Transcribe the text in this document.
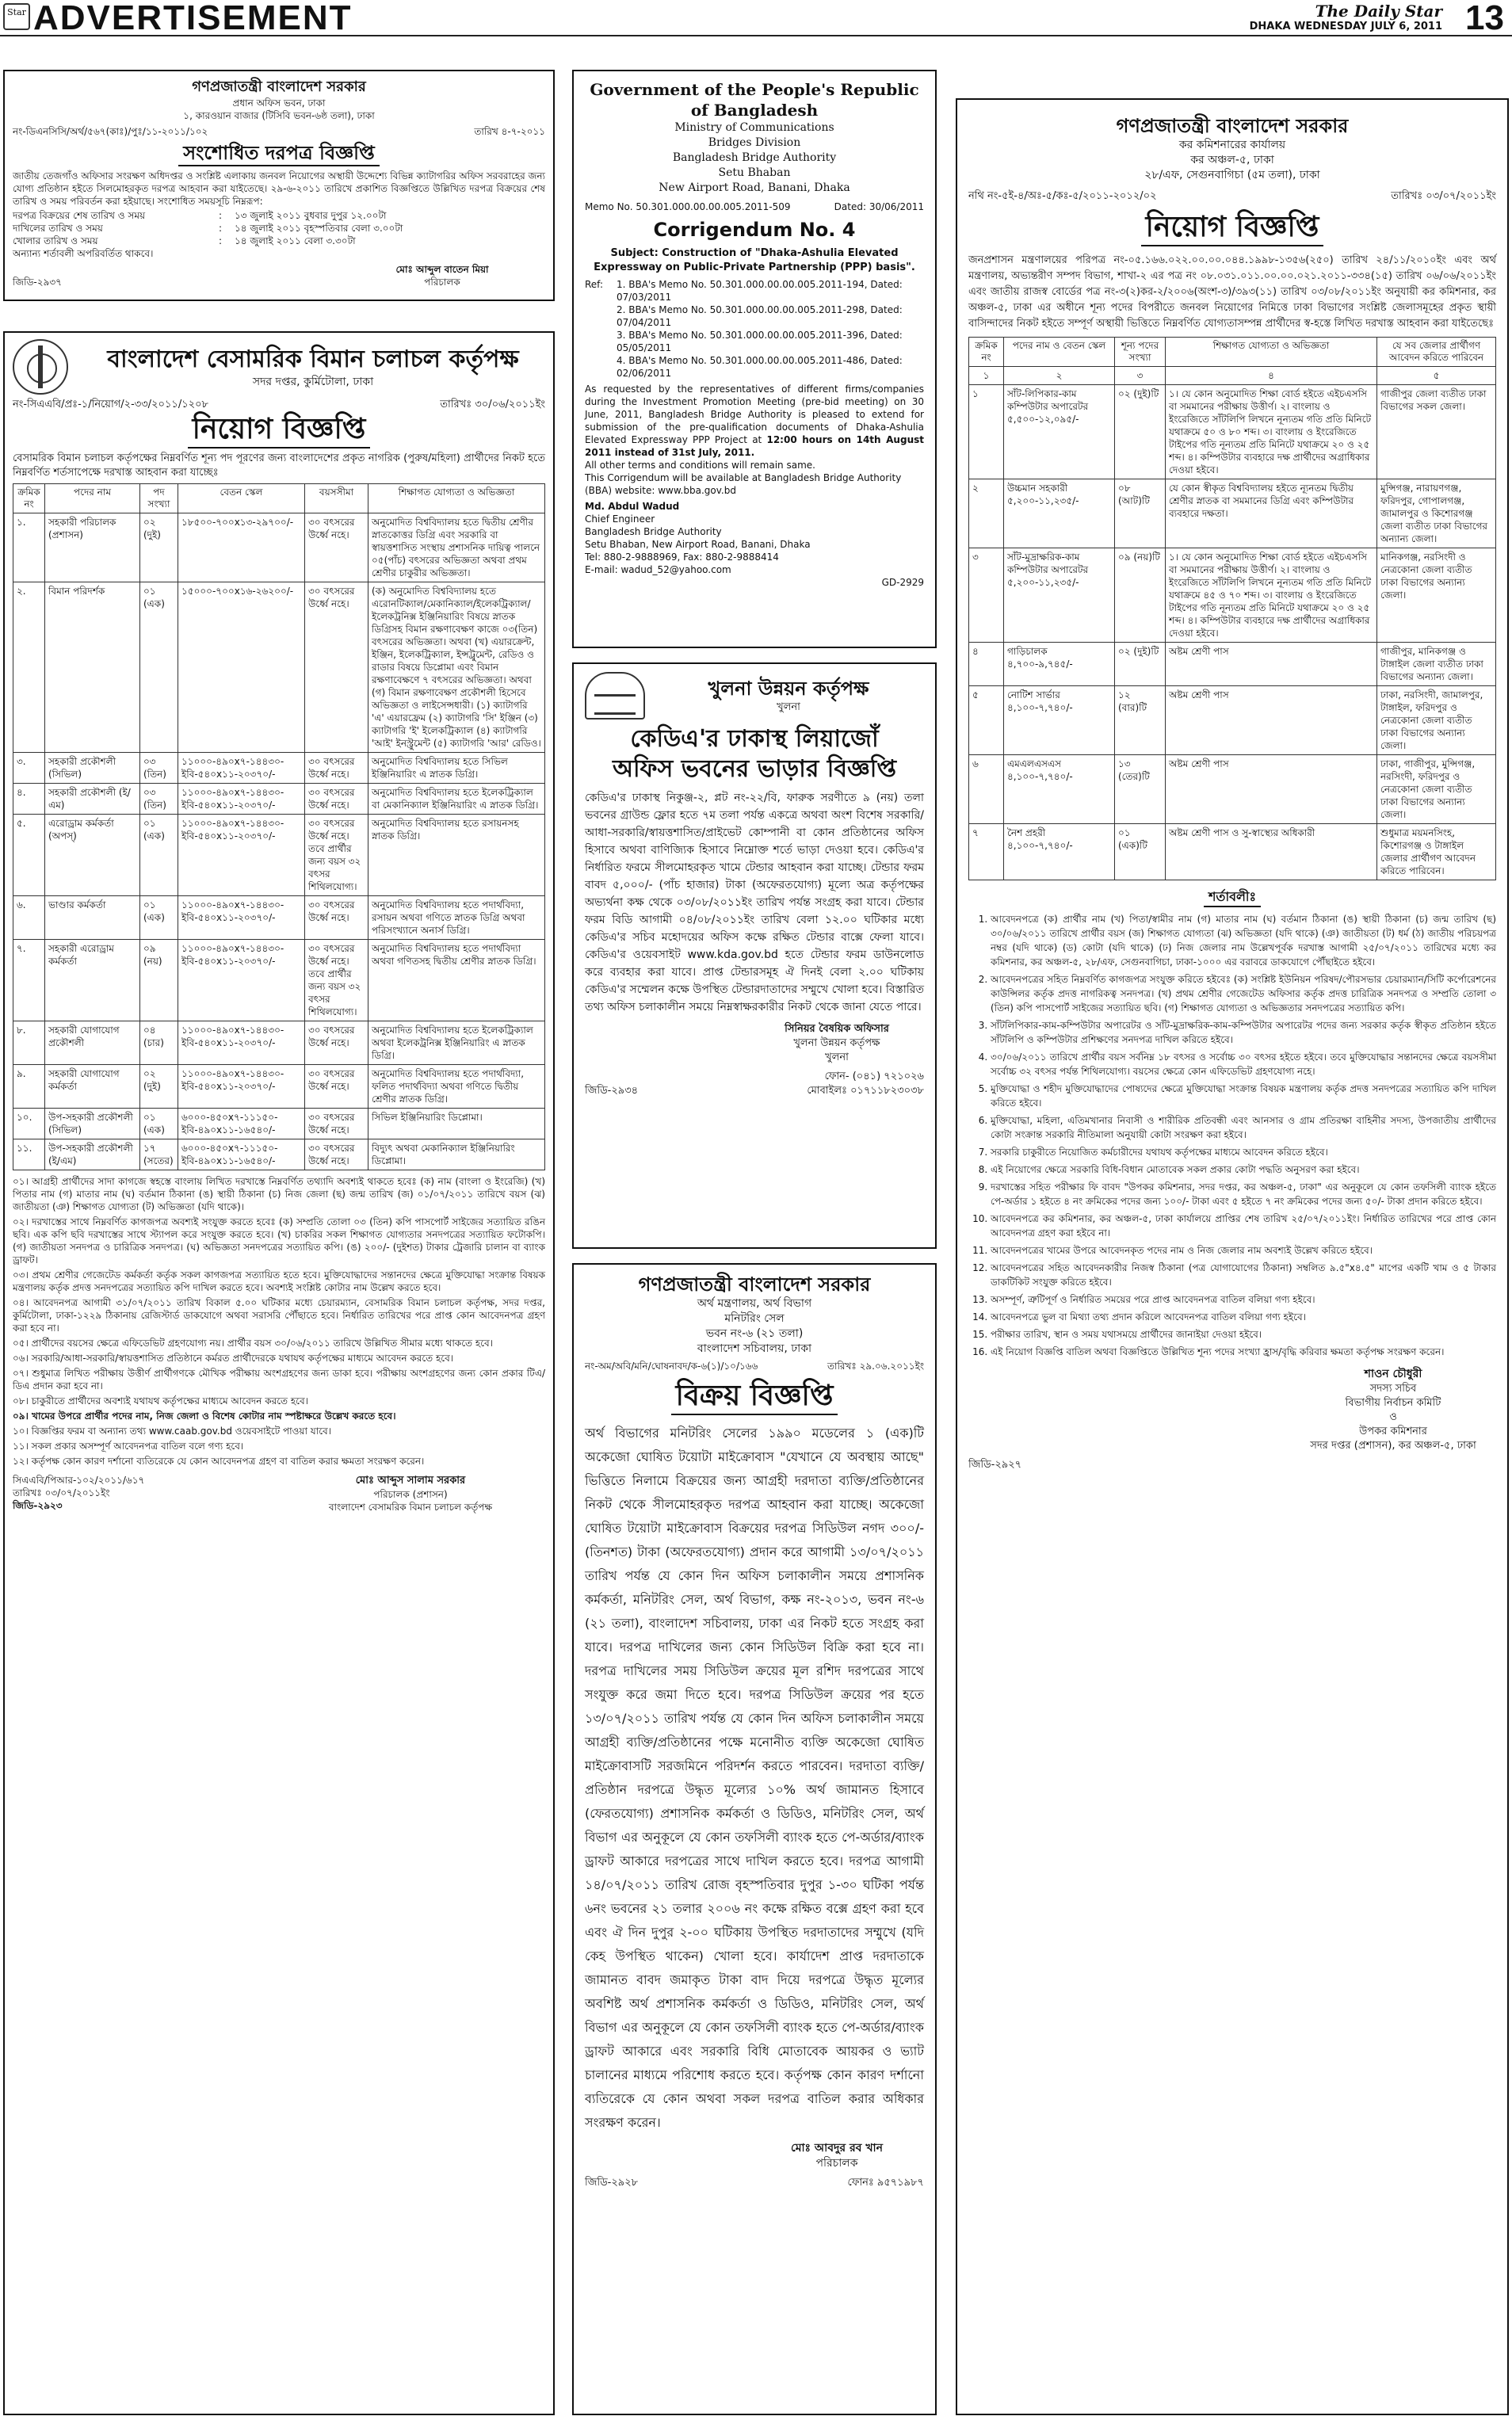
Star ADVERTISEMENT	The Daily Star
DHAKA WEDNESDAY JULY 6, 2011 13
গণপ্রজাতন্ত্রী বাংলাদেশ সরকার
প্রধান অফিস ভবন, ঢাকা
১, কারওয়ান বাজার (টিসিবি ভবন-৬ষ্ঠ তলা), ঢাকা
নং-ডিএনসিসি/অর্থ/৫৬৭(কাঃ)/পুঃ/১১-২০১১/১০২	তারিখ ৪-৭-২০১১
সংশোধিত দরপত্র বিজ্ঞপ্তি
জাতীয় তেজগাঁও অফিসার সংরক্ষণ অধিদপ্তর ও সংশ্লিষ্ট এলাকায় জনবল নিয়োগের অস্থায়ী উদ্দেশ্যে বিভিন্ন ক্যাটাগরির অফিস সরবরাহের জন্য যোগ্য প্রতিষ্ঠান হইতে সিলমোহরকৃত দরপত্র আহবান করা যাইতেছে। ২৯-৬-২০১১ তারিখে প্রকাশিত বিজ্ঞপ্তিতে উল্লিখিত দরপত্র বিক্রয়ের শেষ তারিখ ও সময় পরিবর্তন করা হইয়াছে। সংশোধিত সময়সূচি নিম্নরূপ:
দরপত্র বিক্রয়ের শেষ তারিখ ও সময়	:	১৩ জুলাই ২০১১ বুধবার দুপুর ১২.০০টা
দাখিলের তারিখ ও সময়	:	১৪ জুলাই ২০১১ বৃহস্পতিবার বেলা ৩.০০টা
খোলার তারিখ ও সময়	:	১৪ জুলাই ২০১১ বেলা ৩.৩০টা
অন্যান্য শর্তাবলী অপরিবর্তিত থাকবে।
জিডি-২৯৩৭
মোঃ আব্দুল বাতেন মিয়া
পরিচালক
বাংলাদেশ বেসামরিক বিমান চলাচল কর্তৃপক্ষ
সদর দপ্তর, কুর্মিটোলা, ঢাকা
নং-সিএএবি/প্রঃ-১/নিয়োগ/২-৩৩/২০১১/১২০৮	তারিখঃ ৩০/০৬/২০১১ইং
নিয়োগ বিজ্ঞপ্তি
বেসামরিক বিমান চলাচল কর্তৃপক্ষের নিম্নবর্ণিত শূন্য পদ পূরণের জন্য বাংলাদেশের প্রকৃত নাগরিক (পুরুষ/মহিলা) প্রার্থীদের নিকট হতে নিম্নবর্ণিত শর্তসাপেক্ষে দরখাস্ত আহবান করা যাচ্ছেঃ
ক্রমিক নং	পদের নাম	পদ সংখ্যা	বেতন স্কেল	বয়সসীমা	শিক্ষাগত যোগ্যতা ও অভিজ্ঞতা
১.	সহকারী পরিচালক (প্রশাসন)	০২ (দুই)	১৮৫০০-৭০০x১৩-২৯৭০০/-	৩০ বৎসরের উর্ধ্বে নহে।	অনুমোদিত বিশ্ববিদ্যালয় হতে দ্বিতীয় শ্রেণীর স্নাতকোত্তর ডিগ্রি এবং সরকারি বা স্বায়ত্তশাসিত সংস্থায় প্রশাসনিক দায়িত্ব পালনে ০৫(পাঁচ) বৎসরের অভিজ্ঞতা অথবা প্রথম শ্রেণীর চাকুরীর অভিজ্ঞতা।
২.	বিমান পরিদর্শক	০১ (এক)	১৫০০০-৭০০x১৬-২৬২০০/-	৩০ বৎসরের উর্ধ্বে নহে।	(ক) অনুমোদিত বিশ্ববিদ্যালয় হতে এরোনটিক্যাল/মেকানিক্যাল/ইলেকট্রিক্যাল/ইলেকট্রনিক্স ইঞ্জিনিয়ারিং বিষয়ে স্নাতক ডিগ্রিসহ বিমান রক্ষণাবেক্ষণ কাজে ০৩(তিন) বৎসরের অভিজ্ঞতা। অথবা (খ) এয়ারক্রেন্ট, ইঞ্জিন, ইলেকট্রিক্যাল, ইন্সট্রুমেন্ট, রেডিও ও রাডার বিষয়ে ডিপ্লোমা এবং বিমান রক্ষণাবেক্ষণে ৭ বৎসরের অভিজ্ঞতা। অথবা (গ) বিমান রক্ষণাবেক্ষণ প্রকৌশলী হিসেবে অভিজ্ঞতা ও লাইসেন্সধারী। (১) ক্যাটাগরি 'এ' এয়ারফ্রেম (২) ক্যাটাগরি 'সি' ইঞ্জিন (৩) ক্যাটাগরি 'ই' ইলেকট্রিক্যাল (৪) ক্যাটাগরি 'আই' ইনস্ট্রুমেন্ট (৫) ক্যাটাগরি 'আর' রেডিও।
৩.	সহকারী প্রকৌশলী (সিভিল)	০৩ (তিন)	১১০০০-৪৯০x৭-১৪৪৩০-ইবি-৫৪০x১১-২০৩৭০/-	৩০ বৎসরের উর্ধ্বে নহে।	অনুমোদিত বিশ্ববিদ্যালয় হতে সিভিল ইঞ্জিনিয়ারিং এ স্নাতক ডিগ্রি।
৪.	সহকারী প্রকৌশলী (ই/এম)	০৩ (তিন)	১১০০০-৪৯০x৭-১৪৪৩০-ইবি-৫৪০x১১-২০৩৭০/-	৩০ বৎসরের উর্ধ্বে নহে।	অনুমোদিত বিশ্ববিদ্যালয় হতে ইলেকট্রিক্যাল বা মেকানিক্যাল ইঞ্জিনিয়ারিং এ স্নাতক ডিগ্রি।
৫.	এরোড্রাম কর্মকর্তা (অপস্)	০১ (এক)	১১০০০-৪৯০x৭-১৪৪৩০-ইবি-৫৪০x১১-২০৩৭০/-	৩০ বৎসরের উর্ধ্বে নহে। তবে প্রার্থীর জন্য বয়স ৩২ বৎসর শিথিলযোগ্য।	অনুমোদিত বিশ্ববিদ্যালয় হতে রসায়নসহ স্নাতক ডিগ্রি।
৬.	ভাণ্ডার কর্মকর্তা	০১ (এক)	১১০০০-৪৯০x৭-১৪৪৩০-ইবি-৫৪০x১১-২০৩৭০/-	৩০ বৎসরের উর্ধ্বে নহে।	অনুমোদিত বিশ্ববিদ্যালয় হতে পদার্থবিদ্যা, রসায়ন অথবা গণিতে স্নাতক ডিগ্রি অথবা পরিসংখ্যানে অনার্স ডিগ্রি।
৭.	সহকারী এরোড্রাম কর্মকর্তা	০৯ (নয়)	১১০০০-৪৯০x৭-১৪৪৩০-ইবি-৫৪০x১১-২০৩৭০/-	৩০ বৎসরের উর্ধ্বে নহে। তবে প্রার্থীর জন্য বয়স ৩২ বৎসর শিথিলযোগ্য।	অনুমোদিত বিশ্ববিদ্যালয় হতে পদার্থবিদ্যা অথবা গণিতসহ দ্বিতীয় শ্রেণীর স্নাতক ডিগ্রি।
৮.	সহকারী যোগাযোগ প্রকৌশলী	০৪ (চার)	১১০০০-৪৯০x৭-১৪৪৩০-ইবি-৫৪০x১১-২০৩৭০/-	৩০ বৎসরের উর্ধ্বে নহে।	অনুমোদিত বিশ্ববিদ্যালয় হতে ইলেকট্রিক্যাল অথবা ইলেকট্রনিক্স ইঞ্জিনিয়ারিং এ স্নাতক ডিগ্রি।
৯.	সহকারী যোগাযোগ কর্মকর্তা	০২ (দুই)	১১০০০-৪৯০x৭-১৪৪৩০-ইবি-৫৪০x১১-২০৩৭০/-	৩০ বৎসরের উর্ধ্বে নহে।	অনুমোদিত বিশ্ববিদ্যালয় হতে পদার্থবিদ্যা, ফলিত পদার্থবিদ্যা অথবা গণিতে দ্বিতীয় শ্রেণীর স্নাতক ডিগ্রি।
১০.	উপ-সহকারী প্রকৌশলী (সিভিল)	০১ (এক)	৬০০০-৪৫০x৭-১১১৫০-ইবি-৪৯০x১১-১৬৫৪০/-	৩০ বৎসরের উর্ধ্বে নহে।	সিভিল ইঞ্জিনিয়ারিং ডিপ্লোমা।
১১.	উপ-সহকারী প্রকৌশলী (ই/এম)	১৭ (সতের)	৬০০০-৪৫০x৭-১১১৫০-ইবি-৪৯০x১১-১৬৫৪০/-	৩০ বৎসরের উর্ধ্বে নহে।	বিদ্যুৎ অথবা মেকানিক্যাল ইঞ্জিনিয়ারিং ডিপ্লোমা।
০১। আগ্রহী প্রার্থীদের সাদা কাগজে স্বহস্তে বাংলায় লিখিত দরখাস্তে নিম্নবর্ণিত তথ্যাদি অবশ্যই থাকতে হবেঃ (ক) নাম (বাংলা ও ইংরেজি) (খ) পিতার নাম (গ) মাতার নাম (ঘ) বর্তমান ঠিকানা (ঙ) স্থায়ী ঠিকানা (চ) নিজ জেলা (ছ) জন্ম তারিখ (জ) ০১/০৭/২০১১ তারিখে বয়স (ঝ) জাতীয়তা (ঞ) শিক্ষাগত যোগ্যতা (ট) অভিজ্ঞতা (যদি থাকে)।
০২। দরখাস্তের সাথে নিম্নবর্ণিত কাগজপত্র অবশ্যই সংযুক্ত করতে হবেঃ (ক) সম্প্রতি তোলা ০৩ (তিন) কপি পাসপোর্ট সাইজের সত্যায়িত রঙিন ছবি। এক কপি ছবি দরখাস্তের সাথে স্ট্যাপল করে সংযুক্ত করতে হবে। (খ) চাকরির সকল শিক্ষাগত যোগ্যতার সনদপত্রের সত্যায়িত ফটোকপি। (গ) জাতীয়তা সনদপত্র ও চারিত্রিক সনদপত্র। (ঘ) অভিজ্ঞতা সনদপত্রের সত্যায়িত কপি। (ঙ) ২০০/- (দুইশত) টাকার ট্রেজারি চালান বা ব্যাংক ড্রাফট।
০৩। প্রথম শ্রেণীর গেজেটেড কর্মকর্তা কর্তৃক সকল কাগজপত্র সত্যায়িত হতে হবে। মুক্তিযোদ্ধাদের সন্তানদের ক্ষেত্রে মুক্তিযোদ্ধা সংক্রান্ত বিষয়ক মন্ত্রণালয় কর্তৃক প্রদত্ত সনদপত্রের সত্যায়িত কপি দাখিল করতে হবে। অবশ্যই সংশ্লিষ্ট কোটার নাম উল্লেখ করতে হবে।
০৪। আবেদনপত্র আগামী ৩১/০৭/২০১১ তারিখ বিকাল ৫.০০ ঘটিকার মধ্যে চেয়ারম্যান, বেসামরিক বিমান চলাচল কর্তৃপক্ষ, সদর দপ্তর, কুর্মিটোলা, ঢাকা-১২২৯ ঠিকানায় রেজিস্টার্ড ডাকযোগে অথবা সরাসরি পৌঁছাতে হবে। নির্ধারিত তারিখের পরে প্রাপ্ত কোন আবেদনপত্র গ্রহণ করা হবে না।
০৫। প্রার্থীদের বয়সের ক্ষেত্রে এফিডেভিট গ্রহণযোগ্য নয়। প্রার্থীর বয়স ৩০/০৬/২০১১ তারিখে উল্লিখিত সীমার মধ্যে থাকতে হবে।
০৬। সরকারি/আধা-সরকারি/স্বায়ত্তশাসিত প্রতিষ্ঠানে কর্মরত প্রার্থীদেরকে যথাযথ কর্তৃপক্ষের মাধ্যমে আবেদন করতে হবে।
০৭। শুধুমাত্র লিখিত পরীক্ষায় উত্তীর্ণ প্রার্থীগণকে মৌখিক পরীক্ষায় অংশগ্রহণের জন্য ডাকা হবে। পরীক্ষায় অংশগ্রহণের জন্য কোন প্রকার টিএ/ডিএ প্রদান করা হবে না।
০৮। চাকুরীতে প্রার্থীদের অবশ্যই যথাযথ কর্তৃপক্ষের মাধ্যমে আবেদন করতে হবে।
০৯। খামের উপরে প্রার্থীর পদের নাম, নিজ জেলা ও বিশেষ কোটার নাম স্পষ্টাক্ষরে উল্লেখ করতে হবে।
১০। বিজ্ঞপ্তির ফরম বা অন্যান্য তথ্য www.caab.gov.bd ওয়েবসাইটে পাওয়া যাবে।
১১। সকল প্রকার অসম্পূর্ণ আবেদনপত্র বাতিল বলে গণ্য হবে।
১২। কর্তৃপক্ষ কোন কারণ দর্শানো ব্যতিরেকে যে কোন আবেদনপত্র গ্রহণ বা বাতিল করার ক্ষমতা সংরক্ষণ করেন।
সিএএবি/পিআর-১০২/২০১১/৬১৭
তারিখঃ ০৩/০৭/২০১১ইং
জিডি-২৯২৩
মোঃ আব্দুস সালাম সরকার
পরিচালক (প্রশাসন)
বাংলাদেশ বেসামরিক বিমান চলাচল কর্তৃপক্ষ
Government of the People's Republic of Bangladesh
Ministry of Communications
Bridges Division
Bangladesh Bridge Authority
Setu Bhaban
New Airport Road, Banani, Dhaka
Memo No. 50.301.000.00.00.005.2011-509	Dated: 30/06/2011
Corrigendum No. 4
Subject: Construction of "Dhaka-Ashulia Elevated Expressway on Public-Private Partnership (PPP) basis".
Ref:	1. BBA's Memo No. 50.301.000.00.00.005.2011-194, Dated: 07/03/2011
2. BBA's Memo No. 50.301.000.00.00.005.2011-298, Dated: 07/04/2011
3. BBA's Memo No. 50.301.000.00.00.005.2011-396, Dated: 05/05/2011
4. BBA's Memo No. 50.301.000.00.00.005.2011-486, Dated: 02/06/2011
As requested by the representatives of different firms/companies during the Investment Promotion Meeting (pre-bid meeting) on 30 June, 2011, Bangladesh Bridge Authority is pleased to extend for submission of the pre-qualification documents of Dhaka-Ashulia Elevated Expressway PPP Project at 12:00 hours on 14th August 2011 instead of 31st July, 2011.
All other terms and conditions will remain same.
This Corrigendum will be available at Bangladesh Bridge Authority (BBA) website: www.bba.gov.bd
Md. Abdul Wadud
Chief Engineer
Bangladesh Bridge Authority
Setu Bhaban, New Airport Road, Banani, Dhaka
Tel: 880-2-9888969, Fax: 880-2-9888414
E-mail: wadud_52@yahoo.com
GD-2929
খুলনা উন্নয়ন কর্তৃপক্ষ
খুলনা
কেডিএ'র ঢাকাস্থ লিয়াজোঁ
অফিস ভবনের ভাড়ার বিজ্ঞপ্তি
কেডিএ'র ঢাকাস্থ নিকুঞ্জ-২, প্লট নং-২২/বি, ফারুক সরণীতে ৯ (নয়) তলা ভবনের গ্রাউন্ড ফ্লোর হতে ৭ম তলা পর্যন্ত একত্রে অথবা অংশ বিশেষ সরকারি/আধা-সরকারি/স্বায়ত্তশাসিত/প্রাইভেট কোম্পানী বা কোন প্রতিষ্ঠানের অফিস হিসাবে অথবা বাণিজ্যিক হিসাবে নিম্নোক্ত শর্তে ভাড়া দেওয়া হবে। কেডিএ'র নির্ধারিত ফরমে সীলমোহরকৃত খামে টেন্ডার আহবান করা যাচ্ছে। টেন্ডার ফরম বাবদ ৫,০০০/- (পাঁচ হাজার) টাকা (অফেরতযোগ্য) মূল্যে অত্র কর্তৃপক্ষের অভ্যর্থনা কক্ষ থেকে ০৩/০৮/২০১১ইং তারিখ পর্যন্ত সংগ্রহ করা যাবে। টেন্ডার ফরম বিডি আগামী ০৪/০৮/২০১১ইং তারিখ বেলা ১২.০০ ঘটিকার মধ্যে কেডিএ'র সচিব মহোদয়ের অফিস কক্ষে রক্ষিত টেন্ডার বাক্সে ফেলা যাবে। কেডিএ'র ওয়েবসাইট www.kda.gov.bd হতে টেন্ডার ফরম ডাউনলোড করে ব্যবহার করা যাবে। প্রাপ্ত টেন্ডারসমূহ ঐ দিনই বেলা ২.০০ ঘটিকায় কেডিএ'র সম্মেলন কক্ষে উপস্থিত টেন্ডারদাতাদের সম্মুখে খোলা হবে। বিস্তারিত তথ্য অফিস চলাকালীন সময়ে নিম্নস্বাক্ষরকারীর নিকট থেকে জানা যেতে পারে।
সিনিয়র বৈষয়িক অফিসার
খুলনা উন্নয়ন কর্তৃপক্ষ
খুলনা
জিডি-২৯৩৪
ফোন- (০৪১) ৭২১০২৬
মোবাইলঃ ০১৭১১৮২৩০৩৮
গণপ্রজাতন্ত্রী বাংলাদেশ সরকার
অর্থ মন্ত্রণালয়, অর্থ বিভাগ
মনিটরিং সেল
ভবন নং-৬ (২১ তলা)
বাংলাদেশ সচিবালয়, ঢাকা
নং-অম/অবি/মনি/ঘোষনাবদ/ক-৬(১)/১০/১৬৬	তারিখঃ ২৯.০৬.২০১১ইং
বিক্রয় বিজ্ঞপ্তি
অর্থ বিভাগের মনিটরিং সেলের ১৯৯০ মডেলের ১ (এক)টি অকেজো ঘোষিত টয়োটা মাইক্রোবাস "যেখানে যে অবস্থায় আছে" ভিত্তিতে নিলামে বিক্রয়ের জন্য আগ্রহী দরদাতা ব্যক্তি/প্রতিষ্ঠানের নিকট থেকে সীলমোহরকৃত দরপত্র আহবান করা যাচ্ছে। অকেজো ঘোষিত টয়োটা মাইক্রোবাস বিক্রয়ের দরপত্র সিডিউল নগদ ৩০০/- (তিনশত) টাকা (অফেরতযোগ্য) প্রদান করে আগামী ১৩/০৭/২০১১ তারিখ পর্যন্ত যে কোন দিন অফিস চলাকালীন সময়ে প্রশাসনিক কর্মকর্তা, মনিটরিং সেল, অর্থ বিভাগ, কক্ষ নং-২০১৩, ভবন নং-৬ (২১ তলা), বাংলাদেশ সচিবালয়, ঢাকা এর নিকট হতে সংগ্রহ করা যাবে। দরপত্র দাখিলের জন্য কোন সিডিউল বিক্রি করা হবে না। দরপত্র দাখিলের সময় সিডিউল ক্রয়ের মূল রশিদ দরপত্রের সাথে সংযুক্ত করে জমা দিতে হবে। দরপত্র সিডিউল ক্রয়ের পর হতে ১৩/০৭/২০১১ তারিখ পর্যন্ত যে কোন দিন অফিস চলাকালীন সময়ে আগ্রহী ব্যক্তি/প্রতিষ্ঠানের পক্ষে মনোনীত ব্যক্তি অকেজো ঘোষিত মাইক্রোবাসটি সরজমিনে পরিদর্শন করতে পারবেন। দরদাতা ব্যক্তি/প্রতিষ্ঠান দরপত্রে উদ্ধৃত মূল্যের ১০% অর্থ জামানত হিসাবে (ফেরতযোগ্য) প্রশাসনিক কর্মকর্তা ও ডিডিও, মনিটরিং সেল, অর্থ বিভাগ এর অনুকূলে যে কোন তফসিলী ব্যাংক হতে পে-অর্ডার/ব্যাংক ড্রাফট আকারে দরপত্রের সাথে দাখিল করতে হবে। দরপত্র আগামী ১৪/০৭/২০১১ তারিখ রোজ বৃহস্পতিবার দুপুর ১-৩০ ঘটিকা পর্যন্ত ৬নং ভবনের ২১ তলার ২০০৬ নং কক্ষে রক্ষিত বক্সে গ্রহণ করা হবে এবং ঐ দিন দুপুর ২-০০ ঘটিকায় উপস্থিত দরদাতাদের সম্মুখে (যদি কেহ উপস্থিত থাকেন) খোলা হবে। কার্যাদেশ প্রাপ্ত দরদাতাকে জামানত বাবদ জমাকৃত টাকা বাদ দিয়ে দরপত্রে উদ্ধৃত মূল্যের অবশিষ্ট অর্থ প্রশাসনিক কর্মকর্তা ও ডিডিও, মনিটরিং সেল, অর্থ বিভাগ এর অনুকূলে যে কোন তফসিলী ব্যাংক হতে পে-অর্ডার/ব্যাংক ড্রাফট আকারে এবং সরকারি বিধি মোতাবেক আয়কর ও ভ্যাট চালানের মাধ্যমে পরিশোধ করতে হবে। কর্তৃপক্ষ কোন কারণ দর্শানো ব্যতিরেকে যে কোন অথবা সকল দরপত্র বাতিল করার অধিকার সংরক্ষণ করেন।
মোঃ আবদুর রব খান
পরিচালক
জিডি-২৯২৮	ফোনঃ ৯৫৭১৯৮৭
গণপ্রজাতন্ত্রী বাংলাদেশ সরকার
কর কমিশনারের কার্যালয়
কর অঞ্চল-৫, ঢাকা
২৮/এফ, সেগুনবাগিচা (৫ম তলা), ঢাকা
নথি নং-৫ই-৪/অঃ-৫/কঃ-৫/২০১১-২০১২/০২	তারিখঃ ০৩/০৭/২০১১ইং
নিয়োগ বিজ্ঞপ্তি
জনপ্রশাসন মন্ত্রণালয়ের পরিপত্র নং-০৫.১৬৬.০২২.০০.০০.০৪৪.১৯৯৮-১৩৫৬(২৫০) তারিখ ২৪/১১/২০১০ইং এবং অর্থ মন্ত্রণালয়, অভ্যন্তরীণ সম্পদ বিভাগ, শাখা-২ এর পত্র নং ০৮.০৩১.০১১.০০.০০.০২১.২০১১-৩৩৪(১৫) তারিখ ০৬/০৬/২০১১ইং এবং জাতীয় রাজস্ব বোর্ডের পত্র নং-৩(২)কর-২/২০০৬(অংশ-৩)/৩৯৩(১১) তারিখ ০৩/০৮/২০১১ইং অনুযায়ী কর কমিশনার, কর অঞ্চল-৫, ঢাকা এর অধীনে শূন্য পদের বিপরীতে জনবল নিয়োগের নিমিত্তে ঢাকা বিভাগের সংশ্লিষ্ট জেলাসমূহের প্রকৃত স্থায়ী বাসিন্দাদের নিকট হইতে সম্পূর্ণ অস্থায়ী ভিত্তিতে নিম্নবর্ণিত যোগ্যতাসম্পন্ন প্রার্থীদের স্ব-হস্তে লিখিত দরখাস্ত আহবান করা যাইতেছেঃ
ক্রমিক নং	পদের নাম ও বেতন স্কেল	শূন্য পদের সংখ্যা	শিক্ষাগত যোগ্যতা ও অভিজ্ঞতা	যে সব জেলার প্রার্থীগণ আবেদন করিতে পারিবেন
১	২	৩	৪	৫
১	সাঁট-লিপিকার-কাম কম্পিউটার অপারেটর ৫,৫০০-১২,০৯৫/-	০২ (দুই)টি	১। যে কোন অনুমোদিত শিক্ষা বোর্ড হইতে এইচএসসি বা সমমানের পরীক্ষায় উত্তীর্ণ। ২। বাংলায় ও ইংরেজিতে সাঁটলিপি লিখনে নূন্যতম গতি প্রতি মিনিটে যথাক্রমে ৫০ ও ৮০ শব্দ। ৩। বাংলায় ও ইংরেজিতে টাইপের গতি নূন্যতম প্রতি মিনিটে যথাক্রমে ২০ ও ২৫ শব্দ। ৪। কম্পিউটার ব্যবহারে দক্ষ প্রার্থীদের অগ্রাধিকার দেওয়া হইবে।	গাজীপুর জেলা ব্যতীত ঢাকা বিভাগের সকল জেলা।
২	উচ্চমান সহকারী ৫,২০০-১১,২৩৫/-	০৮ (আট)টি	যে কোন স্বীকৃত বিশ্ববিদ্যালয় হইতে ন্যূনতম দ্বিতীয় শ্রেণীর স্নাতক বা সমমানের ডিগ্রি এবং কম্পিউটার ব্যবহারে দক্ষতা।	মুন্সিগঞ্জ, নারায়ণগঞ্জ, ফরিদপুর, গোপালগঞ্জ, জামালপুর ও কিশোরগঞ্জ জেলা ব্যতীত ঢাকা বিভাগের অন্যান্য জেলা।
৩	সাঁট-মুদ্রাক্ষরিক-কাম কম্পিউটার অপারেটর ৫,২০০-১১,২৩৫/-	০৯ (নয়)টি	১। যে কোন অনুমোদিত শিক্ষা বোর্ড হইতে এইচএসসি বা সমমানের পরীক্ষায় উত্তীর্ণ। ২। বাংলায় ও ইংরেজিতে সাঁটলিপি লিখনে নূন্যতম গতি প্রতি মিনিটে যথাক্রমে ৪৫ ও ৭০ শব্দ। ৩। বাংলায় ও ইংরেজিতে টাইপের গতি নূন্যতম প্রতি মিনিটে যথাক্রমে ২০ ও ২৫ শব্দ। ৪। কম্পিউটার ব্যবহারে দক্ষ প্রার্থীদের অগ্রাধিকার দেওয়া হইবে।	মানিকগঞ্জ, নরসিংদী ও নেত্রকোনা জেলা ব্যতীত ঢাকা বিভাগের অন্যান্য জেলা।
৪	গাড়িচালক ৪,৭০০-৯,৭৪৫/-	০২ (দুই)টি	অষ্টম শ্রেণী পাস	গাজীপুর, মানিকগঞ্জ ও টাঙ্গাইল জেলা ব্যতীত ঢাকা বিভাগের অন্যান্য জেলা।
৫	নোটিশ সার্ভার ৪,১০০-৭,৭৪০/-	১২ (বার)টি	অষ্টম শ্রেণী পাস	ঢাকা, নরসিংদী, জামালপুর, টাঙ্গাইল, ফরিদপুর ও নেত্রকোনা জেলা ব্যতীত ঢাকা বিভাগের অন্যান্য জেলা।
৬	এমএলএসএস ৪,১০০-৭,৭৪০/-	১৩ (তের)টি	অষ্টম শ্রেণী পাস	ঢাকা, গাজীপুর, মুন্সিগঞ্জ, নরসিংদী, ফরিদপুর ও নেত্রকোনা জেলা ব্যতীত ঢাকা বিভাগের অন্যান্য জেলা।
৭	নৈশ প্রহরী ৪,১০০-৭,৭৪০/-	০১ (এক)টি	অষ্টম শ্রেণী পাস ও সু-স্বাস্থ্যের অধিকারী	শুধুমাত্র ময়মনসিংহ, কিশোরগঞ্জ ও টাঙ্গাইল জেলার প্রার্থীগণ আবেদন করিতে পারিবেন।
শর্তাবলীঃ
1. আবেদনপত্রে (ক) প্রার্থীর নাম (খ) পিতা/স্বামীর নাম (গ) মাতার নাম (ঘ) বর্তমান ঠিকানা (ঙ) স্থায়ী ঠিকানা (চ) জন্ম তারিখ (ছ) ৩০/০৬/২০১১ তারিখে প্রার্থীর বয়স (জ) শিক্ষাগত যোগ্যতা (ঝ) অভিজ্ঞতা (যদি থাকে) (ঞ) জাতীয়তা (ট) ধর্ম (ঠ) জাতীয় পরিচয়পত্র নম্বর (যদি থাকে) (ড) কোটা (যদি থাকে) (ঢ) নিজ জেলার নাম উল্লেখপূর্বক দরখাস্ত আগামী ২৫/০৭/২০১১ তারিখের মধ্যে কর কমিশনার, কর অঞ্চল-৫, ২৮/এফ, সেগুনবাগিচা, ঢাকা-১০০০ এর বরাবরে ডাকযোগে পৌঁছাইতে হইবে।
2. আবেদনপত্রের সহিত নিম্নবর্ণিত কাগজপত্র সংযুক্ত করিতে হইবেঃ (ক) সংশ্লিষ্ট ইউনিয়ন পরিষদ/পৌরসভার চেয়ারম্যান/সিটি কর্পোরেশনের কাউন্সিলর কর্তৃক প্রদত্ত নাগরিকত্ব সনদপত্র। (খ) প্রথম শ্রেণীর গেজেটেড অফিসার কর্তৃক প্রদত্ত চারিত্রিক সনদপত্র ও সম্প্রতি তোলা ৩ (তিন) কপি পাসপোর্ট সাইজের সত্যায়িত ছবি। (গ) শিক্ষাগত যোগ্যতা ও অভিজ্ঞতার সনদপত্রের সত্যায়িত কপি।
3. সাঁটলিপিকার-কাম-কম্পিউটার অপারেটর ও সাঁট-মুদ্রাক্ষরিক-কাম-কম্পিউটার অপারেটর পদের জন্য সরকার কর্তৃক স্বীকৃত প্রতিষ্ঠান হইতে সাঁটলিপি ও কম্পিউটার প্রশিক্ষণের সনদপত্র দাখিল করিতে হইবে।
4. ৩০/০৬/২০১১ তারিখে প্রার্থীর বয়স সর্বনিম্ন ১৮ বৎসর ও সর্বোচ্চ ৩০ বৎসর হইতে হইবে। তবে মুক্তিযোদ্ধার সন্তানদের ক্ষেত্রে বয়সসীমা সর্বোচ্চ ৩২ বৎসর পর্যন্ত শিথিলযোগ্য। বয়সের ক্ষেত্রে কোন এফিডেভিট গ্রহণযোগ্য নহে।
5. মুক্তিযোদ্ধা ও শহীদ মুক্তিযোদ্ধাদের পোষ্যদের ক্ষেত্রে মুক্তিযোদ্ধা সংক্রান্ত বিষয়ক মন্ত্রণালয় কর্তৃক প্রদত্ত সনদপত্রের সত্যায়িত কপি দাখিল করিতে হইবে।
6. মুক্তিযোদ্ধা, মহিলা, এতিমখানার নিবাসী ও শারীরিক প্রতিবন্ধী এবং আনসার ও গ্রাম প্রতিরক্ষা বাহিনীর সদস্য, উপজাতীয় প্রার্থীদের কোটা সংক্রান্ত সরকারি নীতিমালা অনুযায়ী কোটা সংরক্ষণ করা হইবে।
7. সরকারি চাকুরীতে নিয়োজিত কর্মচারীদের যথাযথ কর্তৃপক্ষের মাধ্যমে আবেদন করিতে হইবে।
8. এই নিয়োগের ক্ষেত্রে সরকারি বিধি-বিধান মোতাবেক সকল প্রকার কোটা পদ্ধতি অনুসরণ করা হইবে।
9. দরখাস্তের সহিত পরীক্ষার ফি বাবদ "উপকর কমিশনার, সদর দপ্তর, কর অঞ্চল-৫, ঢাকা" এর অনুকূলে যে কোন তফসিলী ব্যাংক হইতে পে-অর্ডার ১ হইতে ৪ নং ক্রমিকের পদের জন্য ১০০/- টাকা এবং ৫ হইতে ৭ নং ক্রমিকের পদের জন্য ৫০/- টাকা প্রদান করিতে হইবে।
10. আবেদনপত্রে কর কমিশনার, কর অঞ্চল-৫, ঢাকা কার্যালয়ে প্রাপ্তির শেষ তারিখ ২৫/০৭/২০১১ইং। নির্ধারিত তারিখের পরে প্রাপ্ত কোন আবেদনপত্র গ্রহণ করা হইবে না।
11. আবেদনপত্রের খামের উপরে আবেদনকৃত পদের নাম ও নিজ জেলার নাম অবশ্যই উল্লেখ করিতে হইবে।
12. আবেদনপত্রের সহিত আবেদনকারীর নিজস্ব ঠিকানা (পত্র যোগাযোগের ঠিকানা) সম্বলিত ৯.৫"x৪.৫" মাপের একটি খাম ও ৫ টাকার ডাকটিকিট সংযুক্ত করিতে হইবে।
13. অসম্পূর্ণ, ত্রুটিপূর্ণ ও নির্ধারিত সময়ের পরে প্রাপ্ত আবেদনপত্র বাতিল বলিয়া গণ্য হইবে।
14. আবেদনপত্রে ভুল বা মিথ্যা তথ্য প্রদান করিলে আবেদনপত্র বাতিল বলিয়া গণ্য হইবে।
15. পরীক্ষার তারিখ, স্থান ও সময় যথাসময়ে প্রার্থীদের জানাইয়া দেওয়া হইবে।
16. এই নিয়োগ বিজ্ঞপ্তি বাতিল অথবা বিজ্ঞপ্তিতে উল্লিখিত শূন্য পদের সংখ্যা হ্রাস/বৃদ্ধি করিবার ক্ষমতা কর্তৃপক্ষ সংরক্ষণ করেন।
শাওন চৌধুরী
সদস্য সচিব
বিভাগীয় নির্বাচন কমিটি
ও
উপকর কমিশনার
সদর দপ্তর (প্রশাসন), কর অঞ্চল-৫, ঢাকা
জিডি-২৯২৭
